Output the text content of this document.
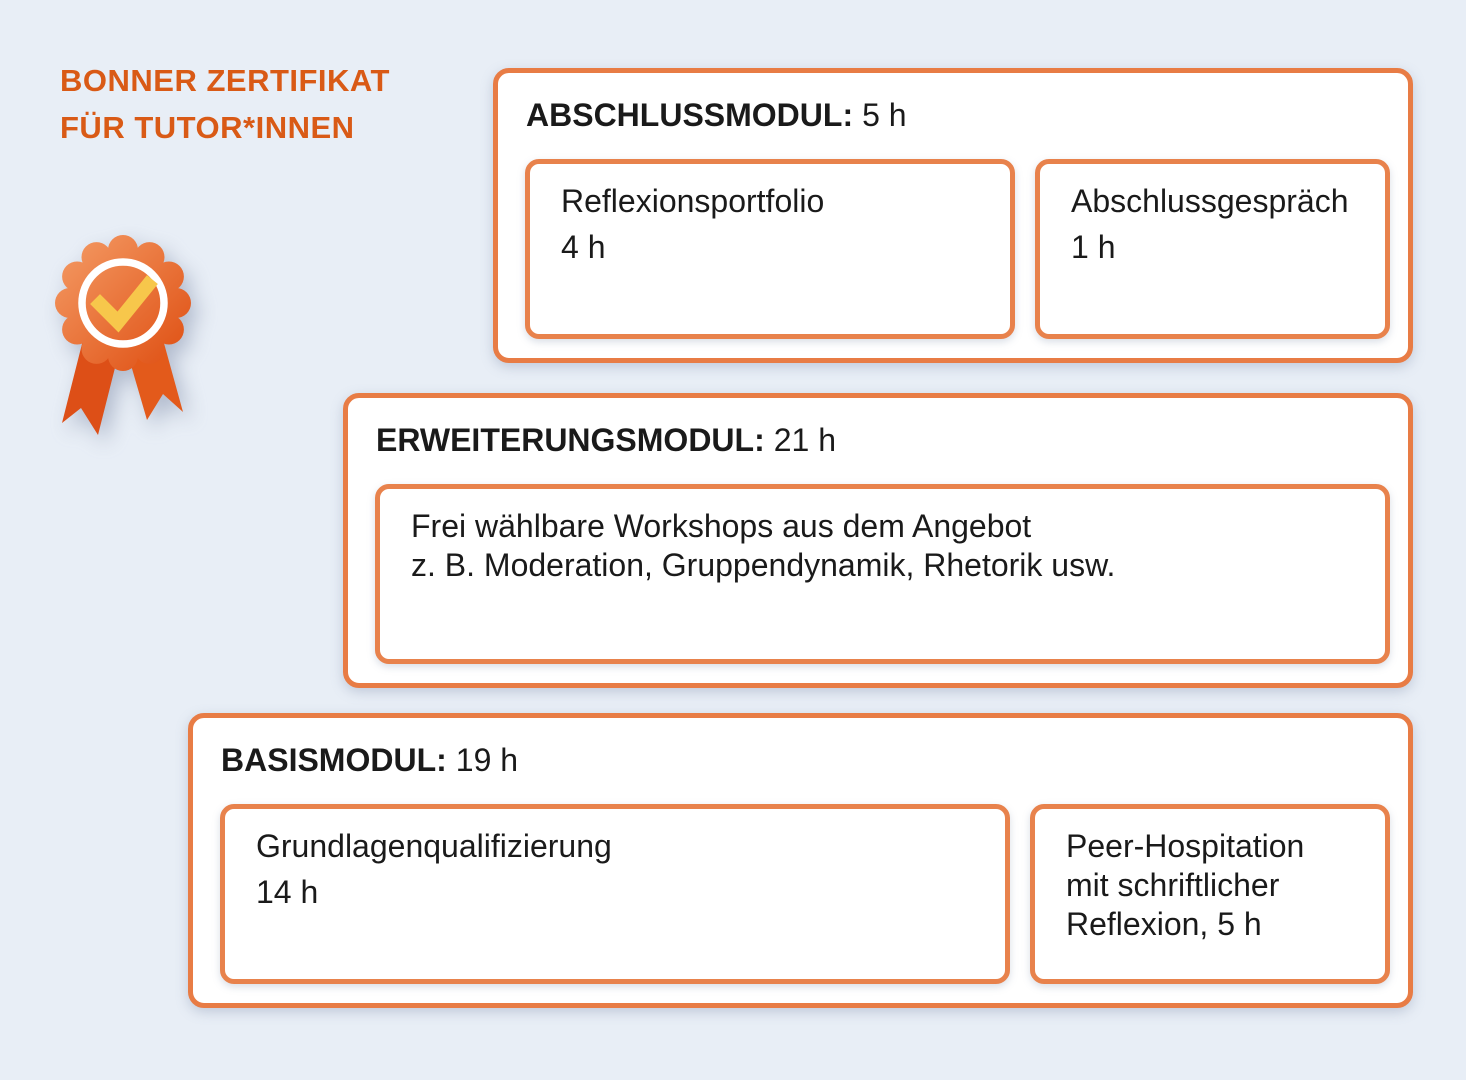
BONNER ZERTIFIKAT
FÜR TUTOR*INNEN	ABSCHLUSSMODUL: 5 h
Reflexionsportfolio
4 h
Abschlussgespräch
1 h
ERWEITERUNGSMODUL: 21 h
Frei wählbare Workshops aus dem Angebot
z. B. Moderation, Gruppendynamik, Rhetorik usw.
BASISMODUL: 19 h
Grundlagenqualifizierung
14 h
Peer-Hospitation
mit schriftlicher
Reflexion, 5 h
